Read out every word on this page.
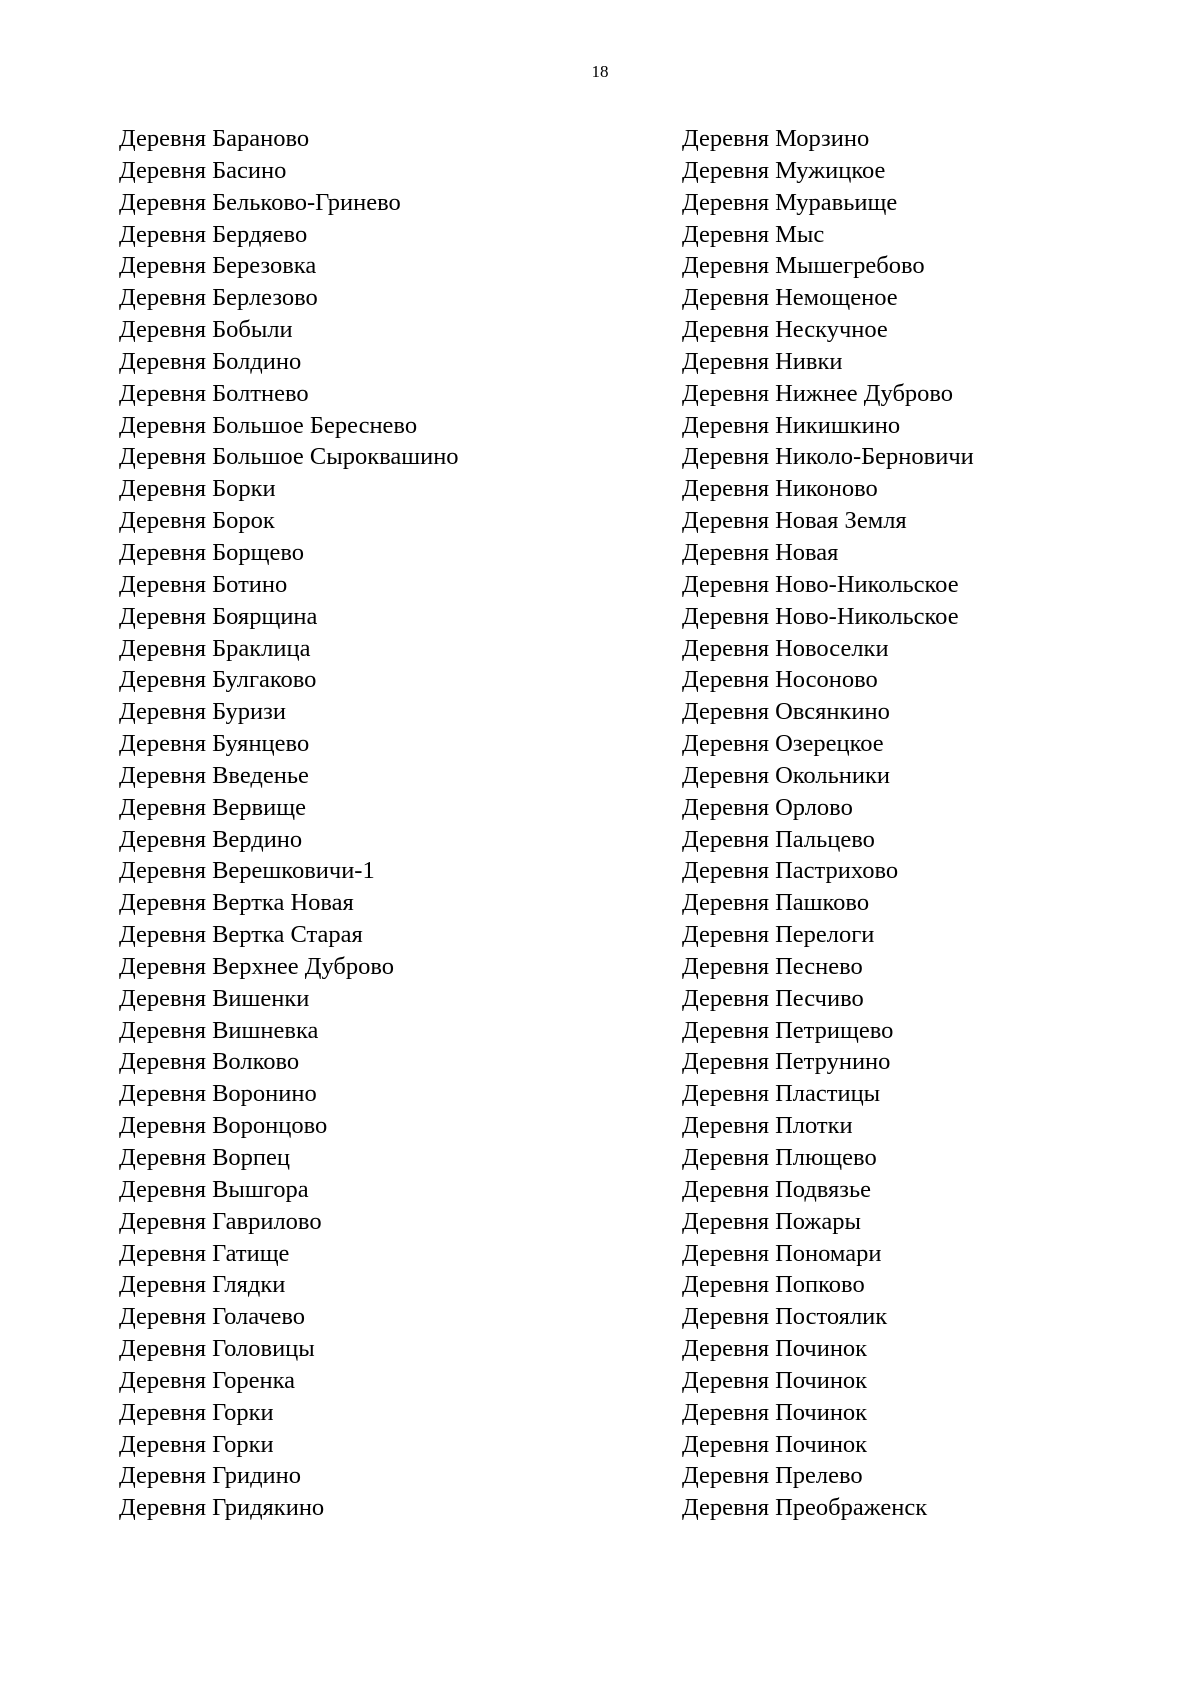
18
Деревня Бараново
Деревня Басино
Деревня Бельково-Гринево
Деревня Бердяево
Деревня Березовка
Деревня Берлезово
Деревня Бобыли
Деревня Болдино
Деревня Болтнево
Деревня Большое Береснево
Деревня Большое Сыроквашино
Деревня Борки
Деревня Борок
Деревня Борщево
Деревня Ботино
Деревня Боярщина
Деревня Браклица
Деревня Булгаково
Деревня Буризи
Деревня Буянцево
Деревня Введенье
Деревня Вервище
Деревня Вердино
Деревня Верешковичи-1
Деревня Вертка Новая
Деревня Вертка Старая
Деревня Верхнее Дуброво
Деревня Вишенки
Деревня Вишневка
Деревня Волково
Деревня Воронино
Деревня Воронцово
Деревня Ворпец
Деревня Вышгора
Деревня Гаврилово
Деревня Гатище
Деревня Глядки
Деревня Голачево
Деревня Головицы
Деревня Горенка
Деревня Горки
Деревня Горки
Деревня Гридино
Деревня Гридякино
Деревня Морзино
Деревня Мужицкое
Деревня Муравьище
Деревня Мыс
Деревня Мышегребово
Деревня Немощеное
Деревня Нескучное
Деревня Нивки
Деревня Нижнее Дуброво
Деревня Никишкино
Деревня Николо-Берновичи
Деревня Никоново
Деревня Новая Земля
Деревня Новая
Деревня Ново-Никольское
Деревня Ново-Никольское
Деревня Новоселки
Деревня Носоново
Деревня Овсянкино
Деревня Озерецкое
Деревня Окольники
Деревня Орлово
Деревня Пальцево
Деревня Пастрихово
Деревня Пашково
Деревня Перелоги
Деревня Песнево
Деревня Песчиво
Деревня Петрищево
Деревня Петрунино
Деревня Пластицы
Деревня Плотки
Деревня Плющево
Деревня Подвязье
Деревня Пожары
Деревня Пономари
Деревня Попково
Деревня Постоялик
Деревня Починок
Деревня Починок
Деревня Починок
Деревня Починок
Деревня Прелево
Деревня Преображенск
